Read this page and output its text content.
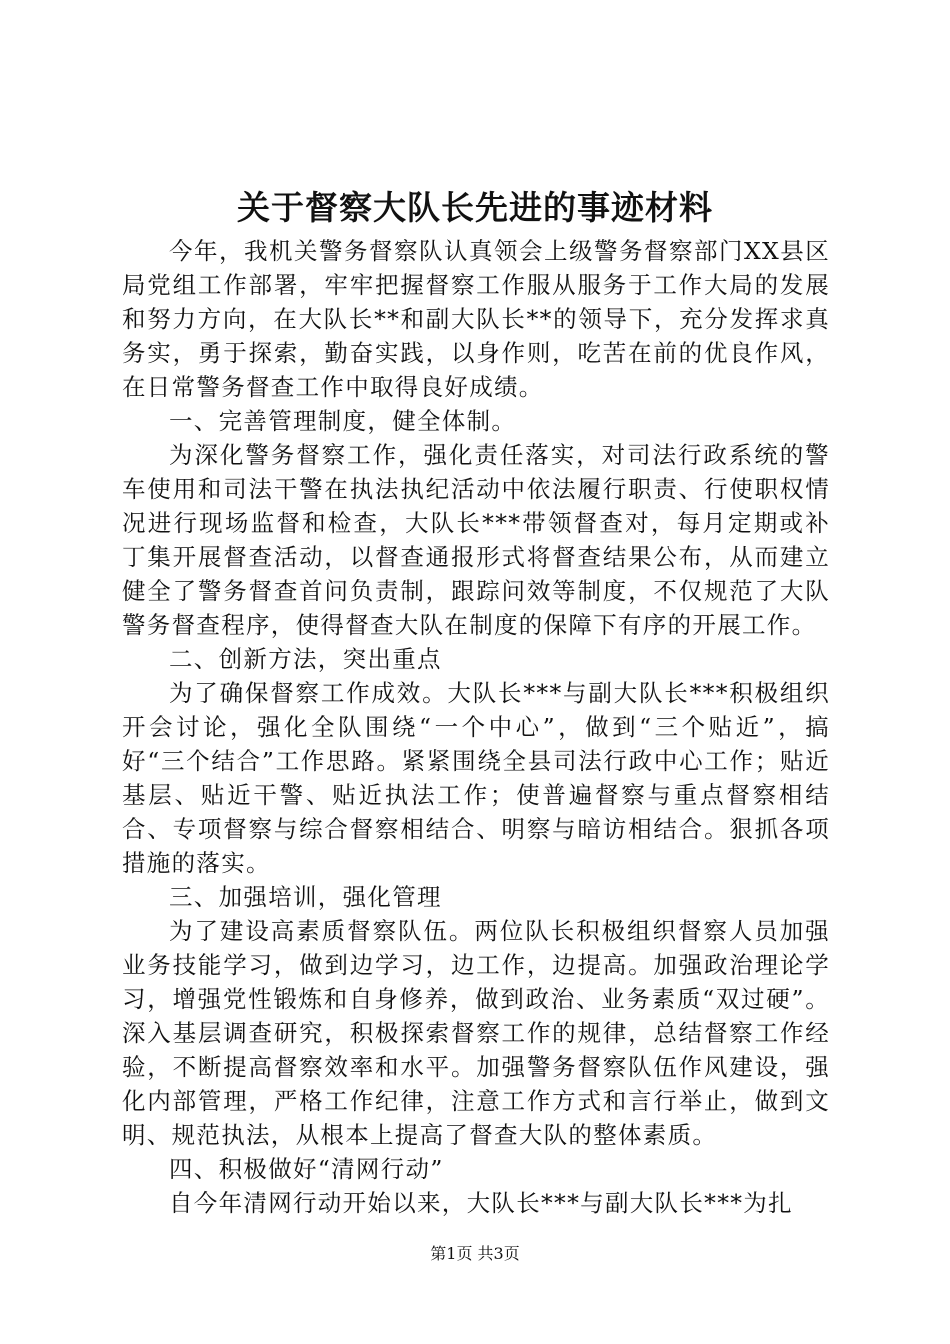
关于督察大队长先进的事迹材料

今年，我机关警务督察队认真领会上级警务督察部门XX县区局党组工作部署，牢牢把握督察工作服从服务于工作大局的发展和努力方向，在大队长**和副大队长**的领导下，充分发挥求真务实，勇于探索，勤奋实践，以身作则，吃苦在前的优良作风，在日常警务督查工作中取得良好成绩。

一、完善管理制度，健全体制。

为深化警务督察工作，强化责任落实，对司法行政系统的警车使用和司法干警在执法执纪活动中依法履行职责、行使职权情况进行现场监督和检查，大队长***带领督查对，每月定期或补丁集开展督查活动，以督查通报形式将督查结果公布，从而建立健全了警务督查首问负责制，跟踪问效等制度，不仅规范了大队警务督查程序，使得督查大队在制度的保障下有序的开展工作。

二、创新方法，突出重点

为了确保督察工作成效。大队长***与副大队长***积极组织开会讨论，强化全队围绕“一个中心”，做到“三个贴近”，搞好“三个结合”工作思路。紧紧围绕全县司法行政中心工作；贴近基层、贴近干警、贴近执法工作；使普遍督察与重点督察相结合、专项督察与综合督察相结合、明察与暗访相结合。狠抓各项措施的落实。

三、加强培训，强化管理

为了建设高素质督察队伍。两位队长积极组织督察人员加强业务技能学习，做到边学习，边工作，边提高。加强政治理论学习，增强党性锻炼和自身修养，做到政治、业务素质“双过硬”。深入基层调查研究，积极探索督察工作的规律，总结督察工作经验，不断提高督察效率和水平。加强警务督察队伍作风建设，强化内部管理，严格工作纪律，注意工作方式和言行举止，做到文明、规范执法，从根本上提高了督查大队的整体素质。

四、积极做好“清网行动”

自今年清网行动开始以来，大队长***与副大队长***为扎

第1页 共3页
